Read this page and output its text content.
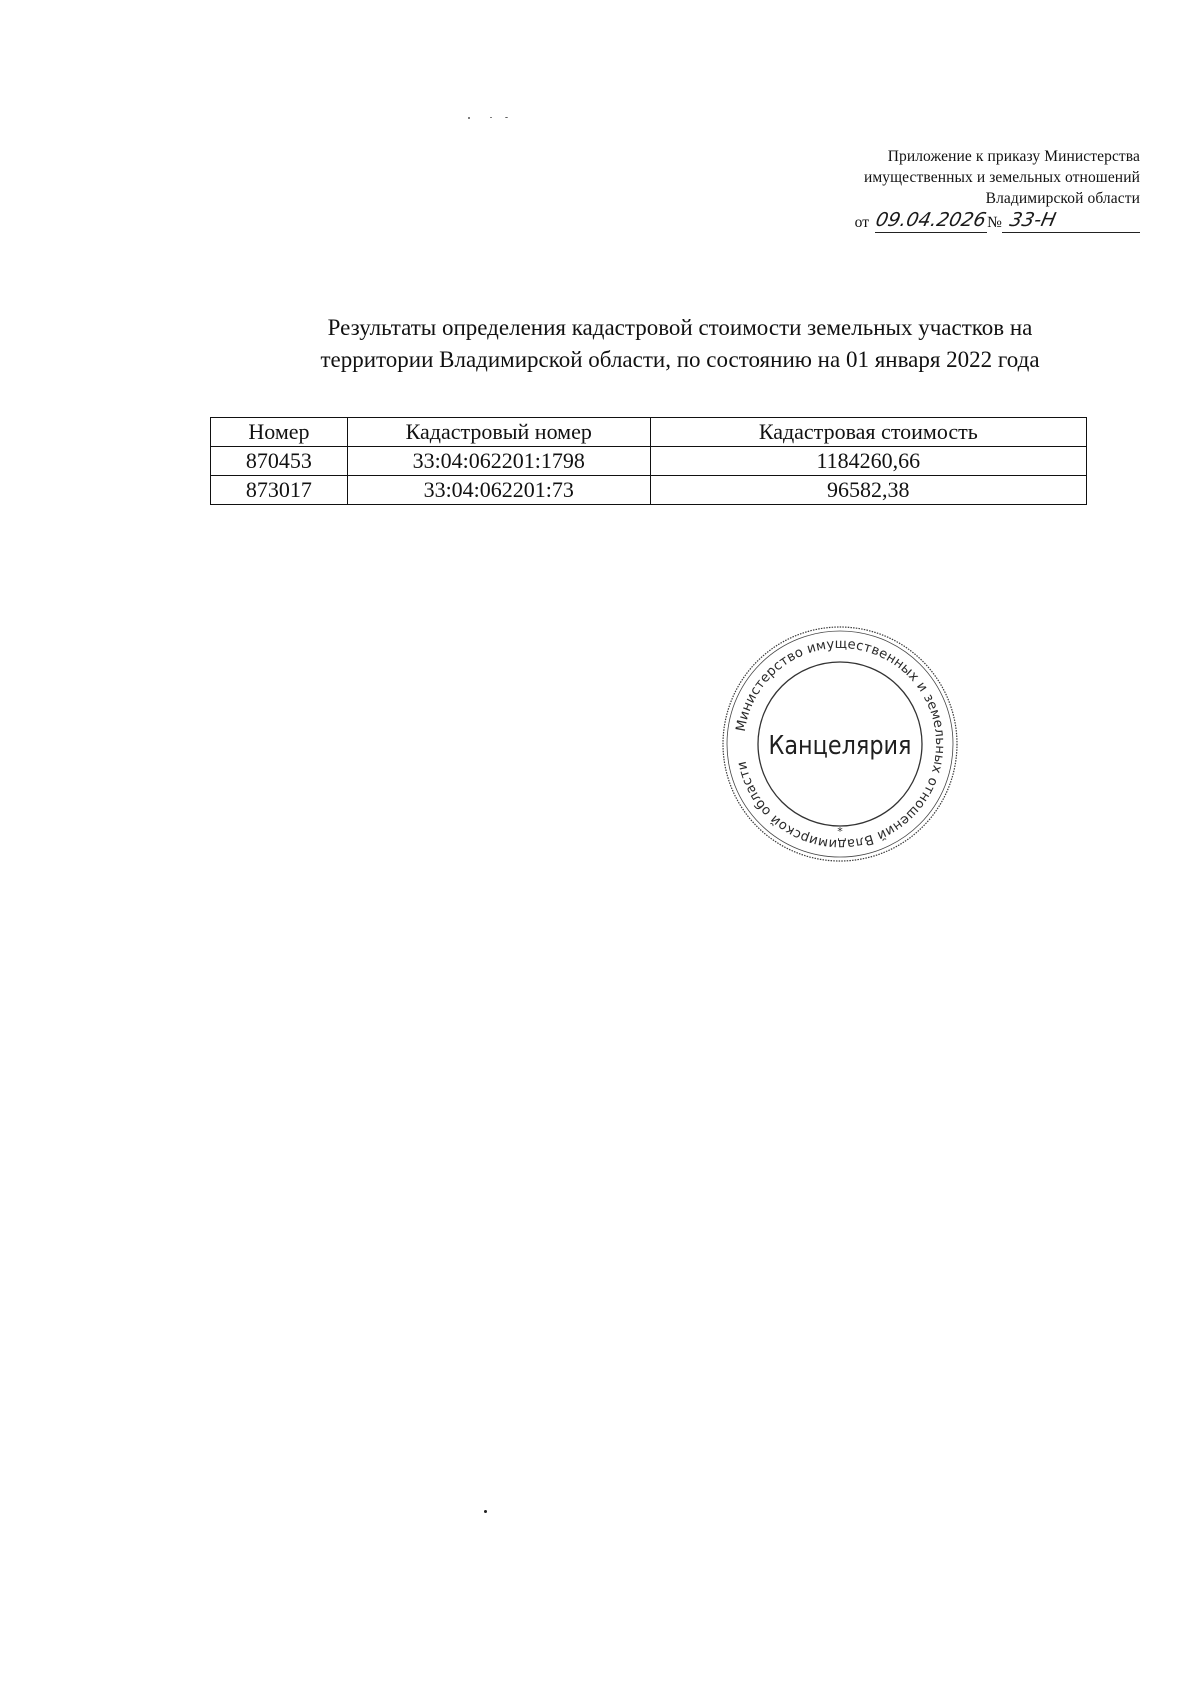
Приложение к приказу Министерства
имущественных и земельных отношений
Владимирской области
от 09.04.2026
№ 33-Н
Результаты определения кадастровой стоимости земельных участков на
территории Владимирской области, по состоянию на 01 января 2022 года
Номер	Кадастровый номер	Кадастровая стоимость
870453	33:04:062201:1798	1184260,66
873017	33:04:062201:73	96582,38
Министерство имущественных и земельных отношений Владимирской области
*
Канцелярия
